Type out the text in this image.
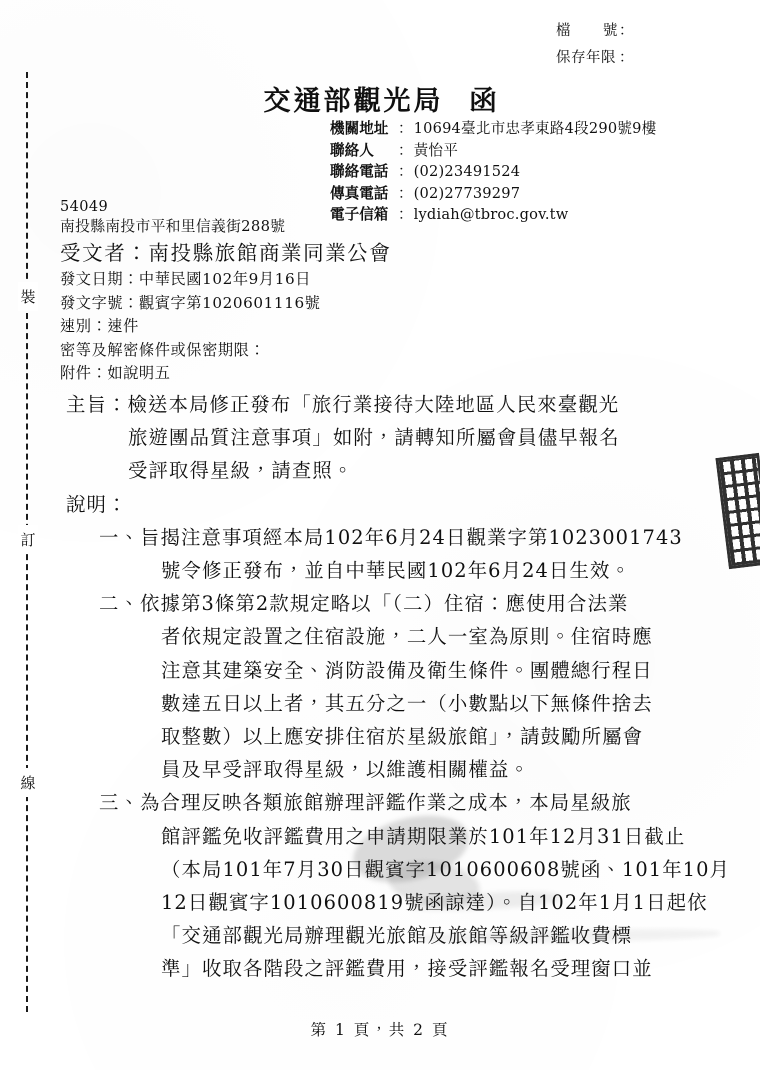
檔 號 ：
保存年限 ：
交通部觀光局 函
機關地址 ： 10694臺北市忠孝東路4段290號9樓
聯絡人 ： 黃怡平
聯絡電話 ： (02)23491524
傳真電話 ： (02)27739297
電子信箱 ： lydiah@tbroc.gov.tw
54049
南投縣南投市平和里信義街288號
受文者：南投縣旅館商業同業公會
發文日期：中華民國102年9月16日
發文字號：觀賓字第1020601116號
速別：速件
密等及解密條件或保密期限：
附件：如說明五
主旨：檢送本局修正發布「旅行業接待大陸地區人民來臺觀光
旅遊團品質注意事項」如附，請轉知所屬會員儘早報名
受評取得星級，請查照。
說明：
一、旨揭注意事項經本局102年6月24日觀業字第1023001743
號令修正發布，並自中華民國102年6月24日生效。
二、依據第3條第2款規定略以「（二）住宿：應使用合法業
者依規定設置之住宿設施，二人一室為原則。住宿時應
注意其建築安全、消防設備及衛生條件。團體總行程日
數達五日以上者，其五分之一（小數點以下無條件捨去
取整數）以上應安排住宿於星級旅館」，請鼓勵所屬會
員及早受評取得星級，以維護相關權益。
三、為合理反映各類旅館辦理評鑑作業之成本，本局星級旅
館評鑑免收評鑑費用之申請期限業於101年12月31日截止
（本局101年7月30日觀賓字1010600608號函、101年10月
12日觀賓字1010600819號函諒達）。自102年1月1日起依
「交通部觀光局辦理觀光旅館及旅館等級評鑑收費標
準」收取各階段之評鑑費用，接受評鑑報名受理窗口並
裝
訂
線
第 1 頁，共 2 頁
